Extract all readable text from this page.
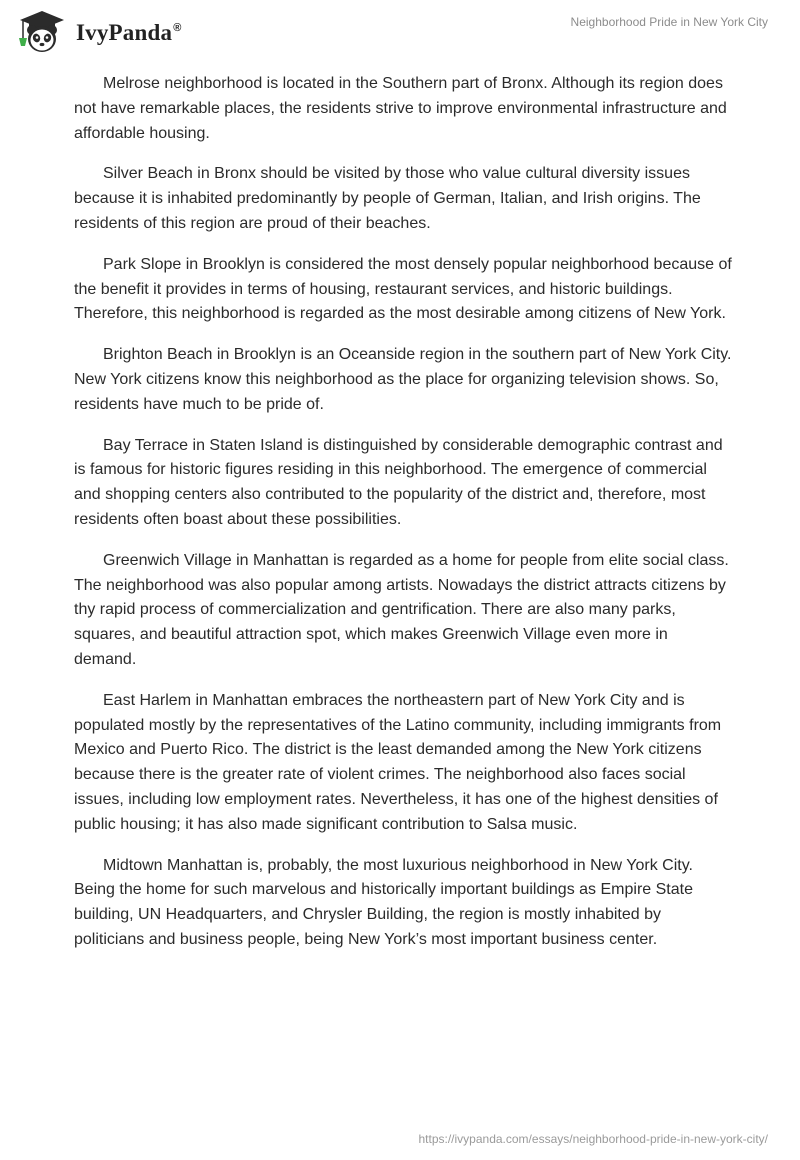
IvyPanda®	Neighborhood Pride in New York City

Melrose neighborhood is located in the Southern part of Bronx. Although its region does not have remarkable places, the residents strive to improve environmental infrastructure and affordable housing.

Silver Beach in Bronx should be visited by those who value cultural diversity issues because it is inhabited predominantly by people of German, Italian, and Irish origins. The residents of this region are proud of their beaches.

Park Slope in Brooklyn is considered the most densely popular neighborhood because of the benefit it provides in terms of housing, restaurant services, and historic buildings. Therefore, this neighborhood is regarded as the most desirable among citizens of New York.

Brighton Beach in Brooklyn is an Oceanside region in the southern part of New York City. New York citizens know this neighborhood as the place for organizing television shows. So, residents have much to be pride of.

Bay Terrace in Staten Island is distinguished by considerable demographic contrast and is famous for historic figures residing in this neighborhood. The emergence of commercial and shopping centers also contributed to the popularity of the district and, therefore, most residents often boast about these possibilities.

Greenwich Village in Manhattan is regarded as a home for people from elite social class. The neighborhood was also popular among artists. Nowadays the district attracts citizens by thy rapid process of commercialization and gentrification. There are also many parks, squares, and beautiful attraction spot, which makes Greenwich Village even more in demand.

East Harlem in Manhattan embraces the northeastern part of New York City and is populated mostly by the representatives of the Latino community, including immigrants from Mexico and Puerto Rico. The district is the least demanded among the New York citizens because there is the greater rate of violent crimes. The neighborhood also faces social issues, including low employment rates. Nevertheless, it has one of the highest densities of public housing; it has also made significant contribution to Salsa music.

Midtown Manhattan is, probably, the most luxurious neighborhood in New York City. Being the home for such marvelous and historically important buildings as Empire State building, UN Headquarters, and Chrysler Building, the region is mostly inhabited by politicians and business people, being New York’s most important business center.

https://ivypanda.com/essays/neighborhood-pride-in-new-york-city/
